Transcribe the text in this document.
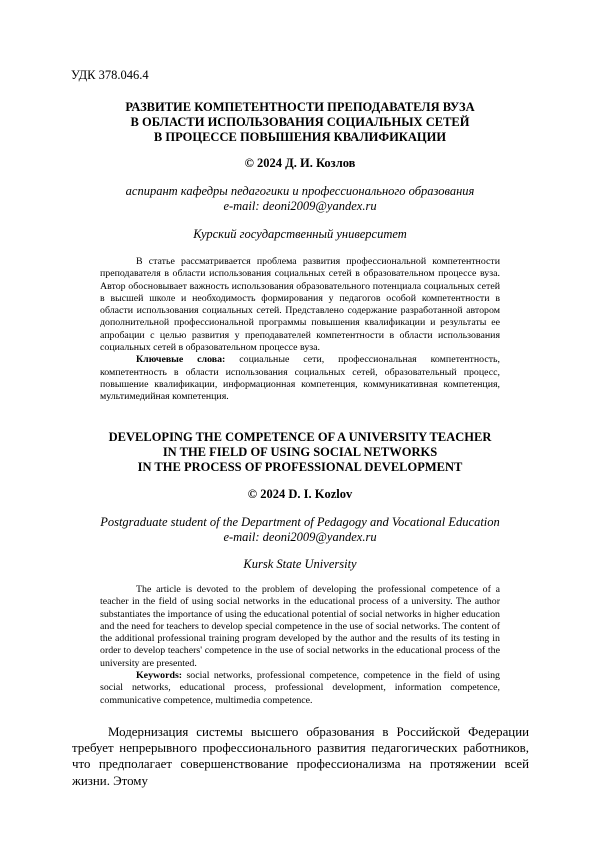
УДК 378.046.4
РАЗВИТИЕ КОМПЕТЕНТНОСТИ ПРЕПОДАВАТЕЛЯ ВУЗА
В ОБЛАСТИ ИСПОЛЬЗОВАНИЯ СОЦИАЛЬНЫХ СЕТЕЙ
В ПРОЦЕССЕ ПОВЫШЕНИЯ КВАЛИФИКАЦИИ
© 2024 Д. И. Козлов
аспирант кафедры педагогики и профессионального образования
e-mail: deoni2009@yandex.ru
Курский государственный университет

В статье рассматривается проблема развития профессиональной компетентности преподавателя в области использования социальных сетей в образовательном процессе вуза. Автор обосновывает важность использования образовательного потенциала социальных сетей в высшей школе и необходимость формирования у педагогов особой компетентности в области использования социальных сетей. Представлено содержание разработанной автором дополнительной профессиональной программы повышения квалификации и результаты ее апробации с целью развития у преподавателей компетентности в области использования социальных сетей в образовательном процессе вуза.

Ключевые слова: социальные сети, профессиональная компетентность, компетентность в области использования социальных сетей, образовательный процесс, повышение квалификации, информационная компетенция, коммуникативная компетенция, мультимедийная компетенция.

DEVELOPING THE COMPETENCE OF A UNIVERSITY TEACHER
IN THE FIELD OF USING SOCIAL NETWORKS
IN THE PROCESS OF PROFESSIONAL DEVELOPMENT
© 2024 D. I. Kozlov
Postgraduate student of the Department of Pedagogy and Vocational Education
e-mail: deoni2009@yandex.ru
Kursk State University

The article is devoted to the problem of developing the professional competence of a teacher in the field of using social networks in the educational process of a university. The author substantiates the importance of using the educational potential of social networks in higher education and the need for teachers to develop special competence in the use of social networks. The content of the additional professional training program developed by the author and the results of its testing in order to develop teachers' competence in the use of social networks in the educational process of the university are presented.

Keywords: social networks, professional competence, competence in the field of using social networks, educational process, professional development, information competence, communicative competence, multimedia competence.

Модернизация системы высшего образования в Российской Федерации требует непрерывного профессионального развития педагогических работников, что предполагает совершенствование профессионализма на протяжении всей жизни. Этому
